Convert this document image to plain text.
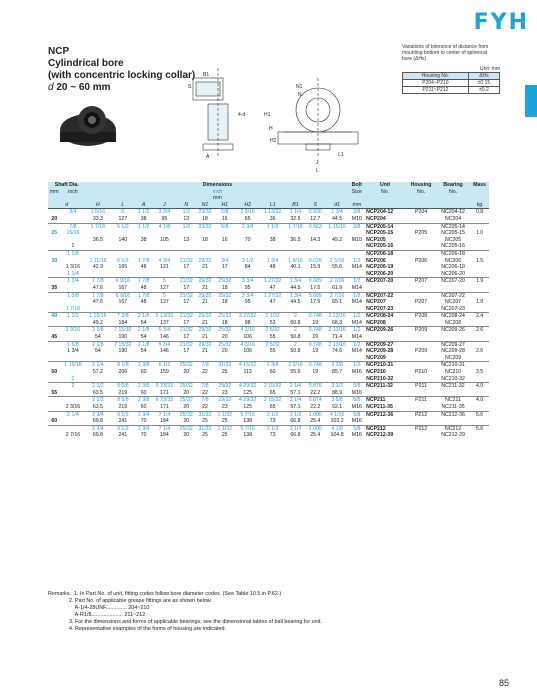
FYH
NCP
Cylindrical bore
(with concentric locking collar)
d 20 ~ 60 mm
Variations of tolerance of distance from
mounting bottom to center of spherical
bore (ΔHs)
Unit: mm
Housing No.	ΔHs
P204~P210	±0.15
P211~P212	±0.2
B1
S	N1
N
H
H1
H2
A
J
L
L1
4-d
Shaft Dia.		Dimensions												Bolt	Unit	Housing	Bearing	Mass
mm	inch	inch												Size	No.	No.	No.	
		mm																
d		H	L	A	J	N	N1	H1	H2	L1	B1	S	d1	mm				kg
	3/4	1 5/16	5	1 1/2	3 3/4	1/2	23/32	5/8	2 9/16	1 13/32	1 1/4	0.500	1 3/4	3/8	NCP204-12	P204	NC204-12	0.8
20		33.3	127	38	95	13	18	16	65	36	32.5	12.7	44.5	M10	NCP204		NC204	
	7/8	1 7/16	5 1/2	1 1/2	4 1/8	1/2	23/32	5/8	2 3/4	1 1/2	1 7/16	0.563	1 15/16	3/8	NCP205-14		NC205-14	
25	15/16														NCP205-15	P205	NC205-15	1.0
		36.5	140	38	105	13	18	16	70	38	36.5	14.3	49.2	M10	NCP205		NC205	
	1														NCP205-16		NC205-16	
	1 1/8														NCP206-18		NC206-18	
30		1 11/16	6 1/2	1 7/8	4 3/4	21/32	29/32	3/4	3 1/2	1 3/4	1 9/16	0.626	2 5/16	1/2	NCP206	P206	NC206	1.5
	1 3/16	42.9	165	48	121	17	21	17	84	48	40.1	15.9	55.6	M14	NCP206-19		NC206-19	
	1 1/4														NCP206-20		NC206-20	
	1 1/4	1 7/8	6 9/16	1 7/8	5	21/32	29/32	25/32	3 3/4	1 27/32	1 3/4	0.689	2 7/16	1/2	NCP207-20	P207	NC207-20	1.9
35		47.6	167	48	127	17	21	18	95	47	44.5	17.5	61.9	M14				
	1 3/8	1 7/8	6 9/16	1 7/8	5	21/32	29/32	25/32	3 3/4	1 27/32	1 3/4	0.689	2 7/16	1/2	NCP207-22		NC207-22	
		47.6	167	48	127	17	21	18	95	47	44.5	17.5	65.1	M14	NCP207	P207	NC207	1.9
	1 7/16														NCP207-23		NC207-23	
40	1 1/2	1 15/16	7 3/8	2 1/8	5 13/32	21/32	29/32	25/32	3 27/32	2 1/32	2	0.748	2 13/16	1/2	NCP208-24	P208	NC208-24	2.4
		49.2	184	54	137	17	21	18	98	53	50.8	19	68.3	M14	NCP208		NC208	
	1 9/16	2 1/8	7 15/32	2 1/8	5 3/4	21/32	29/32	25/32	4 3/16	2 5/32	2	0.748	2 13/16	1/2	NCP209-26	P209	NC209-26	2.6
45		54	190	54	146	17	21	20	106	55	50.8	19	71.4	M14				
	1 5/8	2 1/8	7 15/32	2 1/8	5 3/4	21/32	29/32	25/32	4 3/16	2 5/32	2	0.748	2 13/16	1/2	NCP209-27		NC209-27	
	1 3/4	54	190	54	146	17	21	20	106	55	50.8	19	74.6	M14	NCP209-28	P209	NC209-28	2.6
															NCP209		NC209	
	1 15/16	2 1/4	8 1/8	2 3/8	6 1/2	25/32	7/8	31/32	4 15/32	2 3/8	2 3/16	0.748	3 3/8	1/2	NCP210-31		NC210-31	
50		57.2	206	60	159	20	22	25	113	60	55.6	19	85.7	M16	NCP210	P210	NC210	3.5
	2														NCP210-32		NC210-32	
	2	2 1/2	8 5/8	2 3/8	6 23/32	25/32	7/8	29/32	4 29/32	2 15/32	2 1/4	0.876	3 1/2	5/8	NCP211-32	P211	NC211-32	4.0
55		63.5	219	60	171	20	22	23	125	65	57.1	22.2	88.9	M16				
		2 1/2	8 5/8	2 3/8	6 23/32	25/32	7/8	29/32	4 29/32	2 15/32	2 1/4	0.874	3 5/8	5/8	NCP211	P211	NC211	4.0
	2 3/16	63.5	219	60	171	20	22	23	125	65	57.1	22.2	92.1	M16	NCP211-35		NC211-35	
	2 1/4	2 3/4	9 1/2	2 3/4	7 1/4	25/32	31/32	1 1/32	5 7/16	2 1/2	2 1/2	1.000	4 1/16	5/8	NCP212-36	P212	NC212-36	5.6
60		69.8	241	70	184	20	25	25	138	73	66.8	25.4	103.2	M16				
		2 3/4	9 1/2	2 3/4	7 1/4	25/32	31/32	1 1/32	5 7/16	2 1/2	2 1/2	1.000	4 1/8	5/8	NCP212	P212	NC212	5.6
	2 7/16	69.8	241	70	184	20	25	25	138	73	66.8	25.4	104.8	M16	NCP212-39		NC212-39	
Remarks.  1. In Part No. of unit, fitting codes follow bore diameter codes. (See Table 10.5 in P.62.)
2. Part No. of applicable grease fittings are as shown below.
A-1/4-28UNF.............. 204~210
A-R1/8..................... 211~212
3. For the dimensions and forms of applicable bearings, see the dimensional tables of ball bearing for unit.
4. Representative examples of the forms of housing are indicated.
85
